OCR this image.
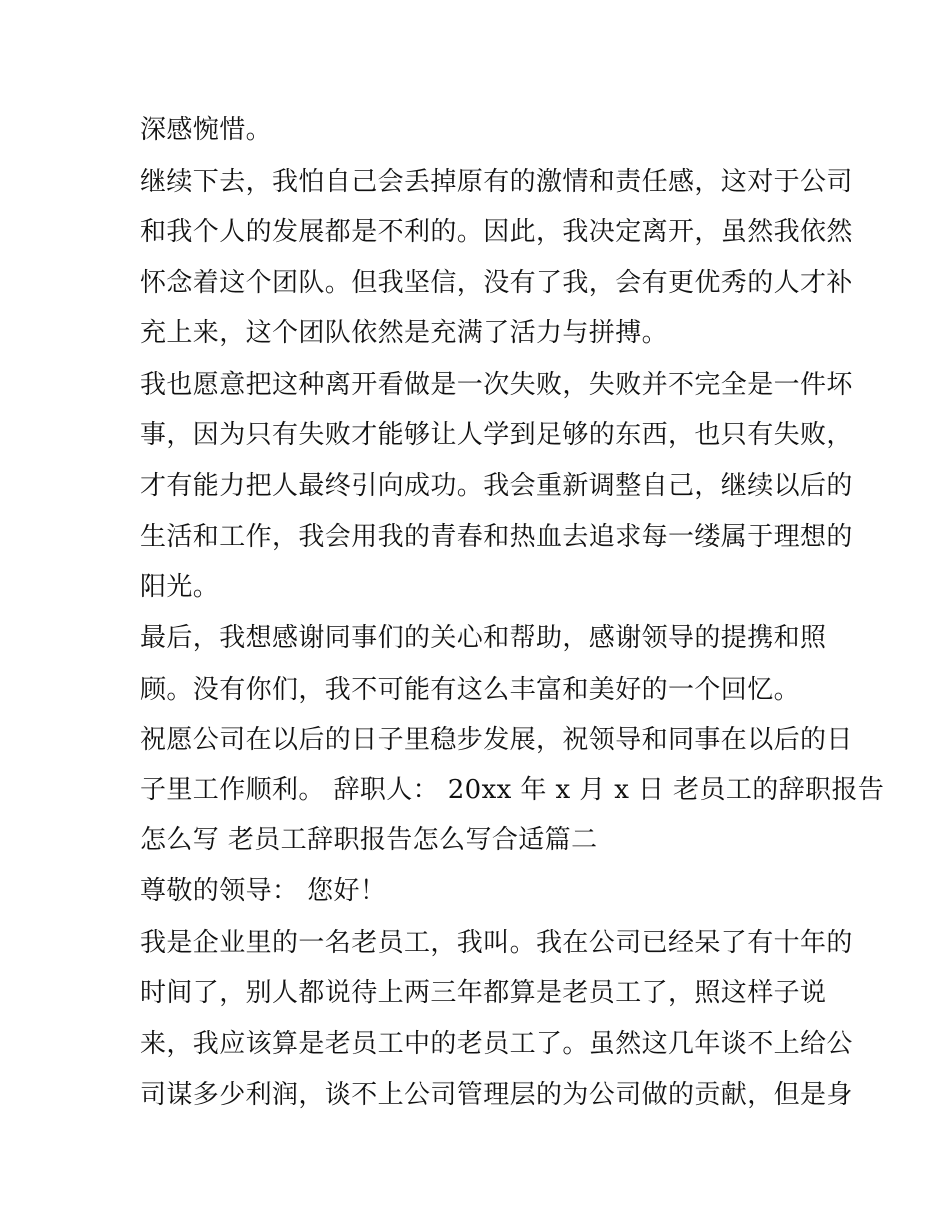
深感惋惜。

继续下去，我怕自己会丢掉原有的激情和责任感，这对于公司

和我个人的发展都是不利的。因此，我决定离开，虽然我依然

怀念着这个团队。但我坚信，没有了我，会有更优秀的人才补

充上来，这个团队依然是充满了活力与拼搏。

我也愿意把这种离开看做是一次失败，失败并不完全是一件坏

事，因为只有失败才能够让人学到足够的东西，也只有失败，

才有能力把人最终引向成功。我会重新调整自己，继续以后的

生活和工作，我会用我的青春和热血去追求每一缕属于理想的

阳光。

最后，我想感谢同事们的关心和帮助，感谢领导的提携和照

顾。没有你们，我不可能有这么丰富和美好的一个回忆。

祝愿公司在以后的日子里稳步发展，祝领导和同事在以后的日

子里工作顺利。 辞职人： 20xx 年 x 月 x 日 老员工的辞职报告

怎么写 老员工辞职报告怎么写合适篇二

尊敬的领导： 您好！

我是企业里的一名老员工，我叫。我在公司已经呆了有十年的

时间了，别人都说待上两三年都算是老员工了，照这样子说

来，我应该算是老员工中的老员工了。虽然这几年谈不上给公

司谋多少利润，谈不上公司管理层的为公司做的贡献，但是身
